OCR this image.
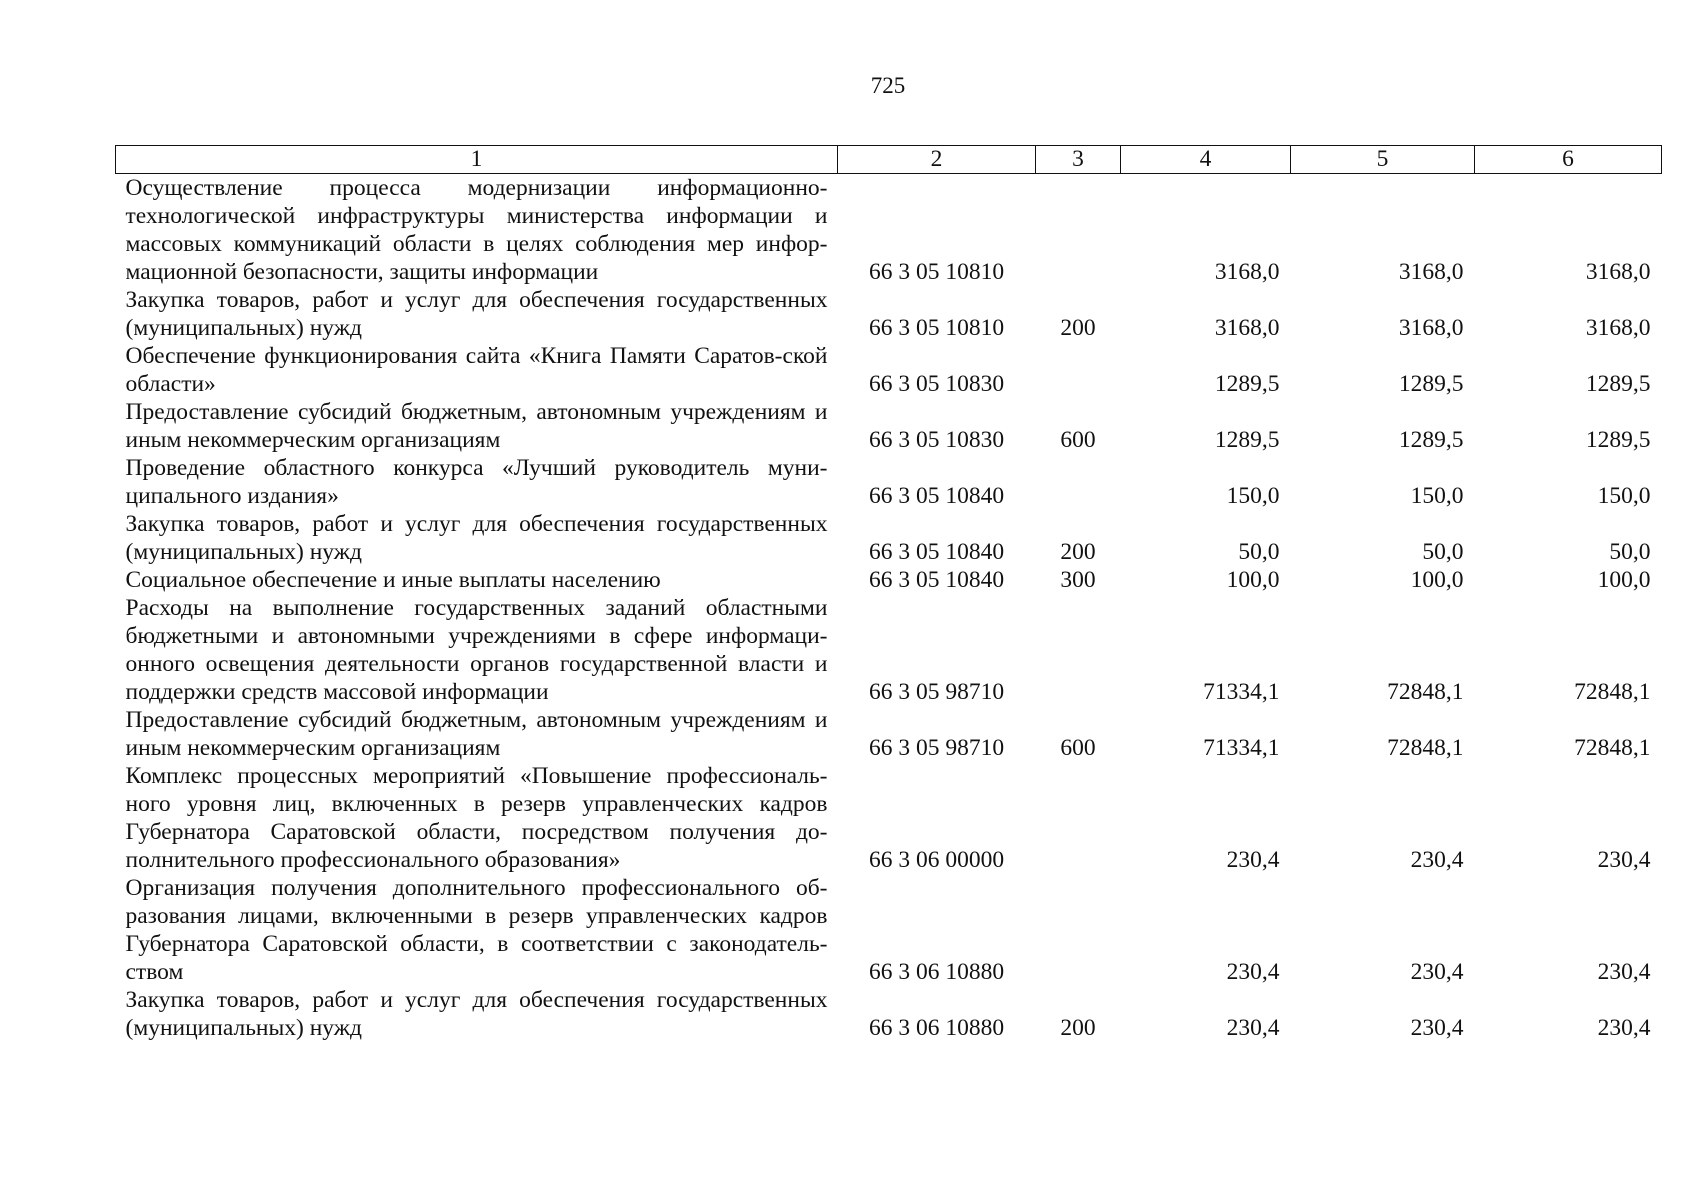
725
1	2	3	4	5	6
Осуществление процесса модернизации информационно-технологической инфраструктуры министерства информации и массовых коммуникаций области в целях соблюдения мер инфор-мационной безопасности, защиты информации	66 3 05 10810		3168,0	3168,0	3168,0
Закупка товаров, работ и услуг для обеспечения государственных (муниципальных) нужд	66 3 05 10810	200	3168,0	3168,0	3168,0
Обеспечение функционирования сайта «Книга Памяти Саратов-ской области»	66 3 05 10830		1289,5	1289,5	1289,5
Предоставление субсидий бюджетным, автономным учреждениям и иным некоммерческим организациям	66 3 05 10830	600	1289,5	1289,5	1289,5
Проведение областного конкурса «Лучший руководитель муни-ципального издания»	66 3 05 10840		150,0	150,0	150,0
Закупка товаров, работ и услуг для обеспечения государственных (муниципальных) нужд	66 3 05 10840	200	50,0	50,0	50,0
Социальное обеспечение и иные выплаты населению	66 3 05 10840	300	100,0	100,0	100,0
Расходы на выполнение государственных заданий областными бюджетными и автономными учреждениями в сфере информаци-онного освещения деятельности органов государственной власти и поддержки средств массовой информации	66 3 05 98710		71334,1	72848,1	72848,1
Предоставление субсидий бюджетным, автономным учреждениям и иным некоммерческим организациям	66 3 05 98710	600	71334,1	72848,1	72848,1
Комплекс процессных мероприятий «Повышение профессиональ-ного уровня лиц, включенных в резерв управленческих кадров Губернатора Саратовской области, посредством получения до-полнительного профессионального образования»	66 3 06 00000		230,4	230,4	230,4
Организация получения дополнительного профессионального об-разования лицами, включенными в резерв управленческих кадров Губернатора Саратовской области, в соответствии с законодатель-ством	66 3 06 10880		230,4	230,4	230,4
Закупка товаров, работ и услуг для обеспечения государственных (муниципальных) нужд	66 3 06 10880	200	230,4	230,4	230,4
